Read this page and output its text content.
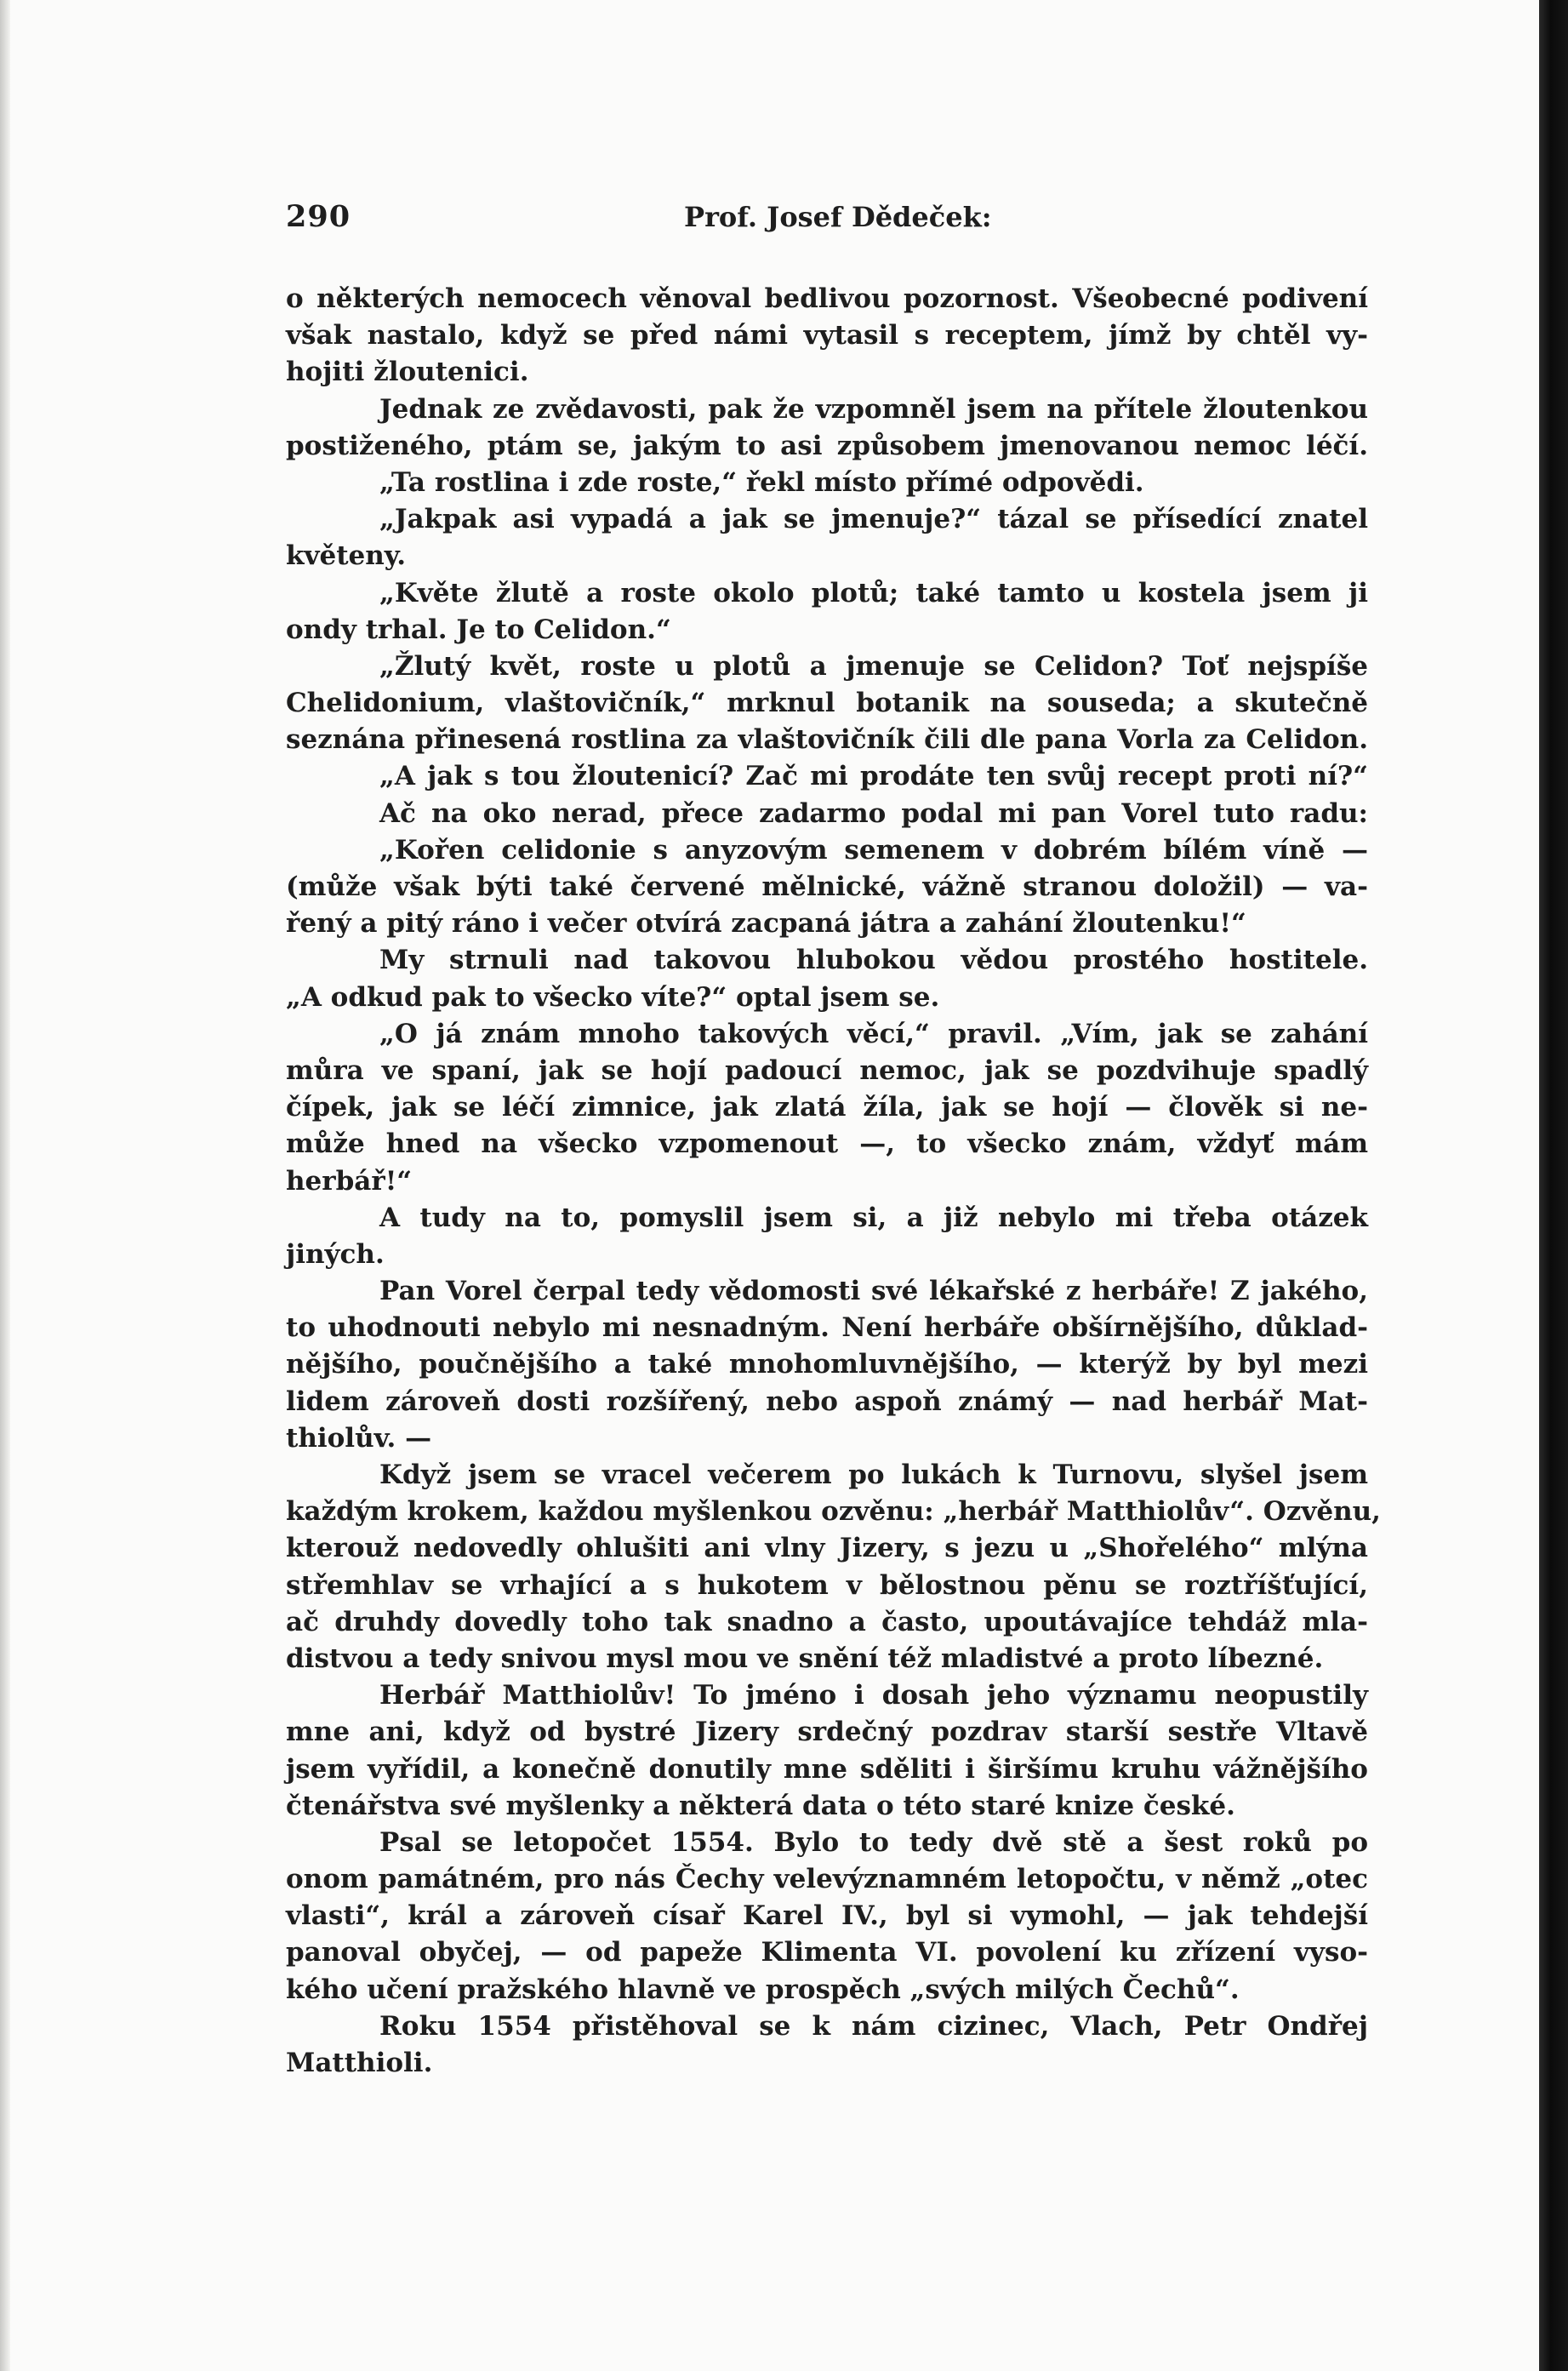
290	Prof. Josef Dědeček:
o některých nemocech věnoval bedlivou pozornost. Všeobecné podivení
však nastalo, když se před námi vytasil s receptem, jímž by chtěl vy-
hojiti žloutenici.
Jednak ze zvědavosti, pak že vzpomněl jsem na přítele žloutenkou
postiženého, ptám se, jakým to asi způsobem jmenovanou nemoc léčí.
„Ta rostlina i zde roste,“ řekl místo přímé odpovědi.
„Jakpak asi vypadá a jak se jmenuje?“ tázal se přísedící znatel
květeny.
„Květe žlutě a roste okolo plotů; také tamto u kostela jsem ji
ondy trhal. Je to Celidon.“
„Žlutý květ, roste u plotů a jmenuje se Celidon? Toť nejspíše
Chelidonium, vlaštovičník,“ mrknul botanik na souseda; a skutečně
seznána přinesená rostlina za vlaštovičník čili dle pana Vorla za Celidon.
„A jak s tou žloutenicí? Zač mi prodáte ten svůj recept proti ní?“
Ač na oko nerad, přece zadarmo podal mi pan Vorel tuto radu:
„Kořen celidonie s anyzovým semenem v dobrém bílém víně —
(může však býti také červené mělnické, vážně stranou doložil) — va-
řený a pitý ráno i večer otvírá zacpaná játra a zahání žloutenku!“
My strnuli nad takovou hlubokou vědou prostého hostitele.
„A odkud pak to všecko víte?“ optal jsem se.
„O já znám mnoho takových věcí,“ pravil. „Vím, jak se zahání
můra ve spaní, jak se hojí padoucí nemoc, jak se pozdvihuje spadlý
čípek, jak se léčí zimnice, jak zlatá žíla, jak se hojí — člověk si ne-
může hned na všecko vzpomenout —, to všecko znám, vždyť mám
herbář!“
A tudy na to, pomyslil jsem si, a již nebylo mi třeba otázek
jiných.
Pan Vorel čerpal tedy vědomosti své lékařské z herbáře! Z jakého,
to uhodnouti nebylo mi nesnadným. Není herbáře obšírnějšího, důklad-
nějšího, poučnějšího a také mnohomluvnějšího, — kterýž by byl mezi
lidem zároveň dosti rozšířený, nebo aspoň známý — nad herbář Mat-
thiolův. —
Když jsem se vracel večerem po lukách k Turnovu, slyšel jsem
každým krokem, každou myšlenkou ozvěnu: „herbář Matthiolův“. Ozvěnu,
kterouž nedovedly ohlušiti ani vlny Jizery, s jezu u „Shořelého“ mlýna
střemhlav se vrhající a s hukotem v bělostnou pěnu se roztříšťující,
ač druhdy dovedly toho tak snadno a často, upoutávajíce tehdáž mla-
distvou a tedy snivou mysl mou ve snění též mladistvé a proto líbezné.
Herbář Matthiolův! To jméno i dosah jeho významu neopustily
mne ani, když od bystré Jizery srdečný pozdrav starší sestře Vltavě
jsem vyřídil, a konečně donutily mne sděliti i širšímu kruhu vážnějšího
čtenářstva své myšlenky a některá data o této staré knize české.
Psal se letopočet 1554. Bylo to tedy dvě stě a šest roků po
onom památném, pro nás Čechy velevýznamném letopočtu, v němž „otec
vlasti“, král a zároveň císař Karel IV., byl si vymohl, — jak tehdejší
panoval obyčej, — od papeže Klimenta VI. povolení ku zřízení vyso-
kého učení pražského hlavně ve prospěch „svých milých Čechů“.
Roku 1554 přistěhoval se k nám cizinec, Vlach, Petr Ondřej
Matthioli.
